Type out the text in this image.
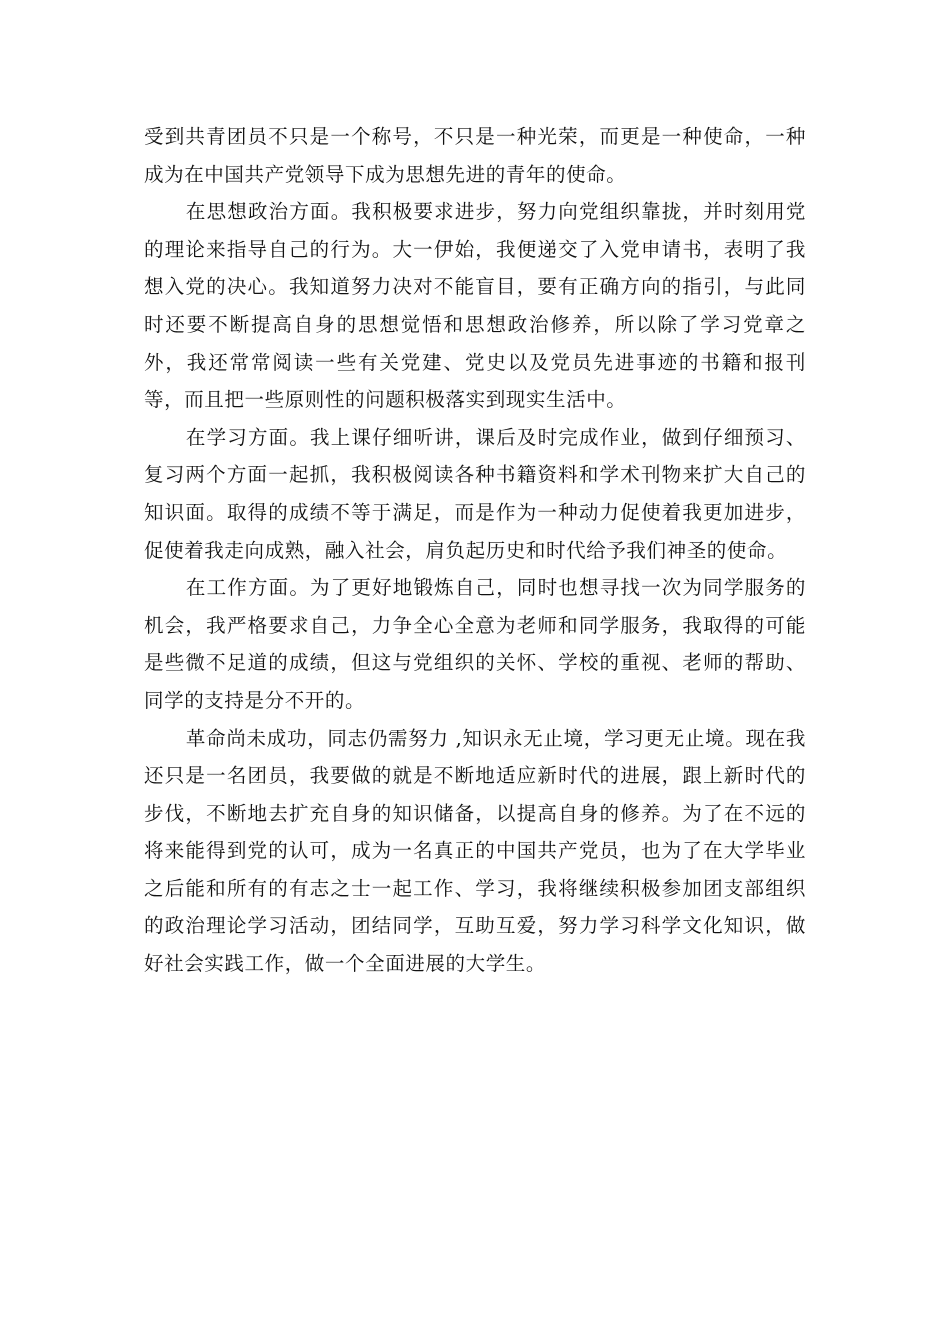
受到共青团员不只是一个称号，不只是一种光荣，而更是一种使命，一种成为在中国共产党领导下成为思想先进的青年的使命。

在思想政治方面。我积极要求进步，努力向党组织靠拢，并时刻用党的理论来指导自己的行为。大一伊始，我便递交了入党申请书，表明了我想入党的决心。我知道努力决对不能盲目，要有正确方向的指引，与此同时还要不断提高自身的思想觉悟和思想政治修养，所以除了学习党章之外，我还常常阅读一些有关党建、党史以及党员先进事迹的书籍和报刊等，而且把一些原则性的问题积极落实到现实生活中。

在学习方面。我上课仔细听讲，课后及时完成作业，做到仔细预习、复习两个方面一起抓，我积极阅读各种书籍资料和学术刊物来扩大自己的知识面。取得的成绩不等于满足，而是作为一种动力促使着我更加进步，促使着我走向成熟，融入社会，肩负起历史和时代给予我们神圣的使命。

在工作方面。为了更好地锻炼自己，同时也想寻找一次为同学服务的机会，我严格要求自己，力争全心全意为老师和同学服务，我取得的可能是些微不足道的成绩，但这与党组织的关怀、学校的重视、老师的帮助、同学的支持是分不开的。

革命尚未成功，同志仍需努力 ,知识永无止境，学习更无止境。现在我还只是一名团员，我要做的就是不断地适应新时代的进展，跟上新时代的步伐，不断地去扩充自身的知识储备，以提高自身的修养。为了在不远的将来能得到党的认可，成为一名真正的中国共产党员，也为了在大学毕业之后能和所有的有志之士一起工作、学习，我将继续积极参加团支部组织的政治理论学习活动，团结同学，互助互爱，努力学习科学文化知识，做好社会实践工作，做一个全面进展的大学生。
